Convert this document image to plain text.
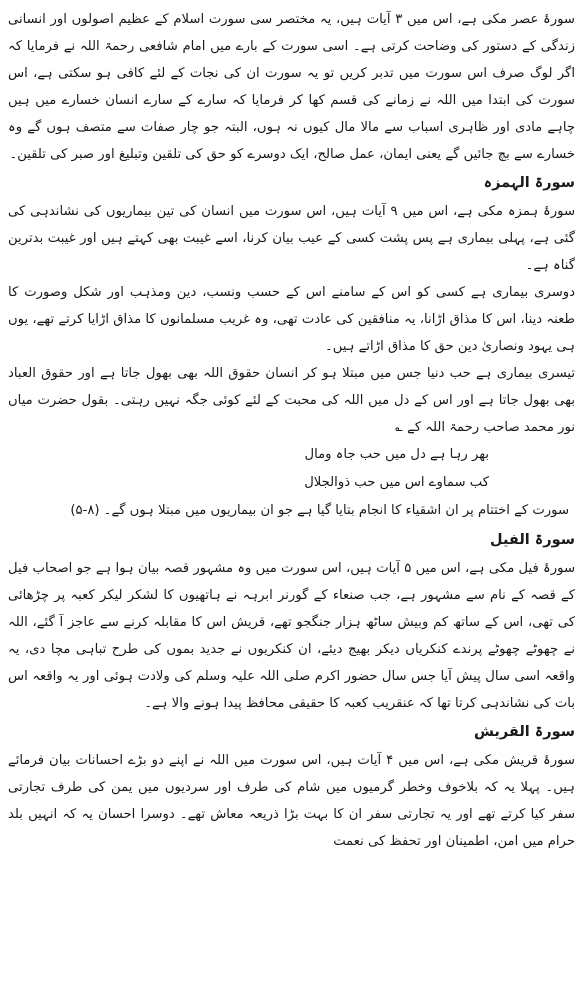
سورۂ عصر مکی ہے، اس میں ۳ آیات ہیں، یہ مختصر سی سورت اسلام کے عظیم اصولوں اور انسانی زندگی کے دستور کی وضاحت کرتی ہے۔ اسی سورت کے بارے میں امام شافعی رحمۃ اللہ نے فرمایا کہ اگر لوگ صرف اس سورت میں تدبر کریں تو یہ سورت ان کی نجات کے لئے کافی ہو سکتی ہے، اس سورت کی ابتدا میں اللہ نے زمانے کی قسم کھا کر فرمایا کہ سارے کے سارے انسان خسارے میں ہیں چاہے مادی اور ظاہری اسباب سے مالا مال کیوں نہ ہوں، البتہ جو چار صفات سے متصف ہوں گے وہ خسارے سے بچ جائیں گے یعنی ایمان، عمل صالح، ایک دوسرے کو حق کی تلقین وتبلیغ اور صبر کی تلقین۔

سورۃ الہمزہ

سورۂ ہمزہ مکی ہے، اس میں ۹ آیات ہیں، اس سورت میں انسان کی تین بیماریوں کی نشاندہی کی گئی ہے، پہلی بیماری ہے پس پشت کسی کے عیب بیان کرنا، اسے غیبت بھی کہتے ہیں اور غیبت بدترین گناہ ہے۔

دوسری بیماری ہے کسی کو اس کے سامنے اس کے حسب ونسب، دین ومذہب اور شکل وصورت کا طعنہ دینا، اس کا مذاق اڑانا، یہ منافقین کی عادت تھی، وہ غریب مسلمانوں کا مذاق اڑایا کرتے تھے، یوں ہی یہود ونصاریٰ دین حق کا مذاق اڑاتے ہیں۔

تیسری بیماری ہے حب دنیا جس میں مبتلا ہو کر انسان حقوق اللہ بھی بھول جاتا ہے اور حقوق العباد بھی بھول جاتا ہے اور اس کے دل میں اللہ کی محبت کے لئے کوئی جگہ نہیں رہتی۔ بقول حضرت میاں نور محمد صاحب رحمۃ اللہ کے ؎

بھر رہا ہے دل میں حب جاہ ومال

کب سماوے اس میں حب ذوالجلال

سورت کے اختتام پر ان اشقیاء کا انجام بتایا گیا ہے جو ان بیماریوں میں مبتلا ہوں گے۔ (۸-۵)

سورۃ الفیل

سورۂ فیل مکی ہے، اس میں ۵ آیات ہیں، اس سورت میں وہ مشہور قصہ بیان ہوا ہے جو اصحاب فیل کے قصہ کے نام سے مشہور ہے، جب صنعاء کے گورنر ابرہہ نے ہاتھیوں کا لشکر لیکر کعبہ پر چڑھائی کی تھی، اس کے ساتھ کم وبیش ساٹھ ہزار جنگجو تھے، قریش اس کا مقابلہ کرنے سے عاجز آ گئے، اللہ نے چھوٹے چھوٹے پرندے کنکریاں دیکر بھیج دیئے، ان کنکریوں نے جدید بموں کی طرح تباہی مچا دی، یہ واقعہ اسی سال پیش آیا جس سال حضور اکرم صلی اللہ علیہ وسلم کی ولادت ہوئی اور یہ واقعہ اس بات کی نشاندہی کرتا تھا کہ عنقریب کعبہ کا حقیقی محافظ پیدا ہونے والا ہے۔

سورۃ القریش

سورۂ قریش مکی ہے، اس میں ۴ آیات ہیں، اس سورت میں اللہ نے اپنے دو بڑے احسانات بیان فرمائے ہیں۔ پہلا یہ کہ بلاخوف وخطر گرمیوں میں شام کی طرف اور سردیوں میں یمن کی طرف تجارتی سفر کیا کرتے تھے اور یہ تجارتی سفر ان کا بہت بڑا ذریعہ معاش تھے۔ دوسرا احسان یہ کہ انہیں بلد حرام میں امن، اطمینان اور تحفظ کی نعمت
